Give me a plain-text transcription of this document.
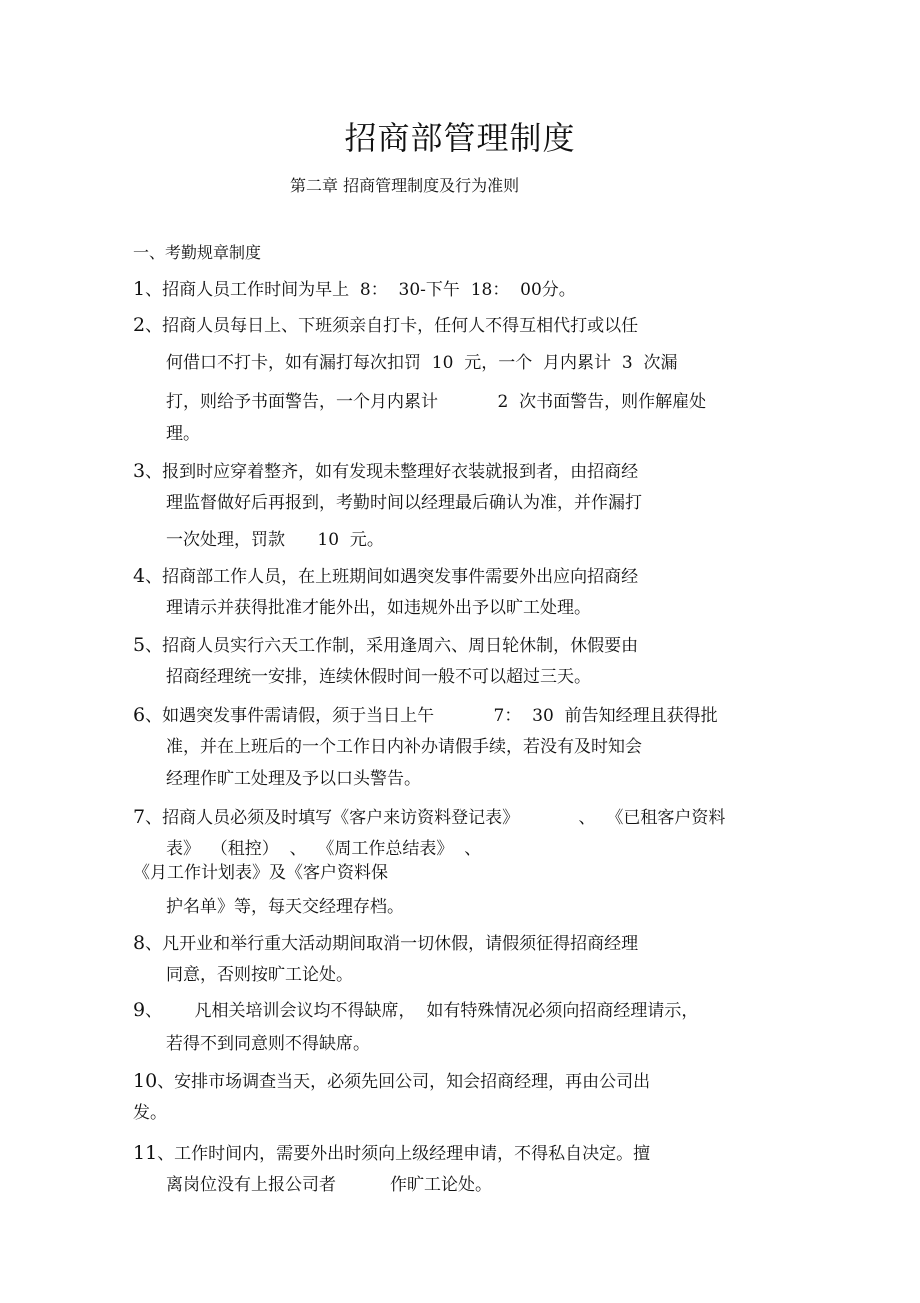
招商部管理制度
第二章 招商管理制度及行为准则
一、考勤规章制度
1、招商人员工作时间为早上  8：  30-下午  18：  00分。
2、招商人员每日上、下班须亲自打卡，任何人不得互相代打或以任
何借口不打卡，如有漏打每次扣罚  10  元，一个  月内累计  3  次漏
打，则给予书面警告，一个月内累计           2  次书面警告，则作解雇处
理。
3、报到时应穿着整齐，如有发现未整理好衣装就报到者，由招商经
理监督做好后再报到，考勤时间以经理最后确认为准，并作漏打
一次处理，罚款      10  元。
4、招商部工作人员，在上班期间如遇突发事件需要外出应向招商经
理请示并获得批准才能外出，如违规外出予以旷工处理。
5、招商人员实行六天工作制，采用逢周六、周日轮休制，休假要由
招商经理统一安排，连续休假时间一般不可以超过三天。
6、如遇突发事件需请假，须于当日上午           7：  30  前告知经理且获得批
准，并在上班后的一个工作日内补办请假手续，若没有及时知会
经理作旷工处理及予以口头警告。
7、招商人员必须及时填写《客户来访资料登记表》           、  《已租客户资料
表》  （租控）  、  《周工作总结表》  、
《月工作计划表》及《客户资料保
护名单》等，每天交经理存档。
8、凡开业和举行重大活动期间取消一切休假，请假须征得招商经理
同意，否则按旷工论处。
9、      凡相关培训会议均不得缺席，  如有特殊情况必须向招商经理请示，
若得不到同意则不得缺席。
10、安排市场调查当天，必须先回公司，知会招商经理，再由公司出
发。
11、工作时间内，需要外出时须向上级经理申请，不得私自决定。擅
离岗位没有上报公司者          作旷工论处。
